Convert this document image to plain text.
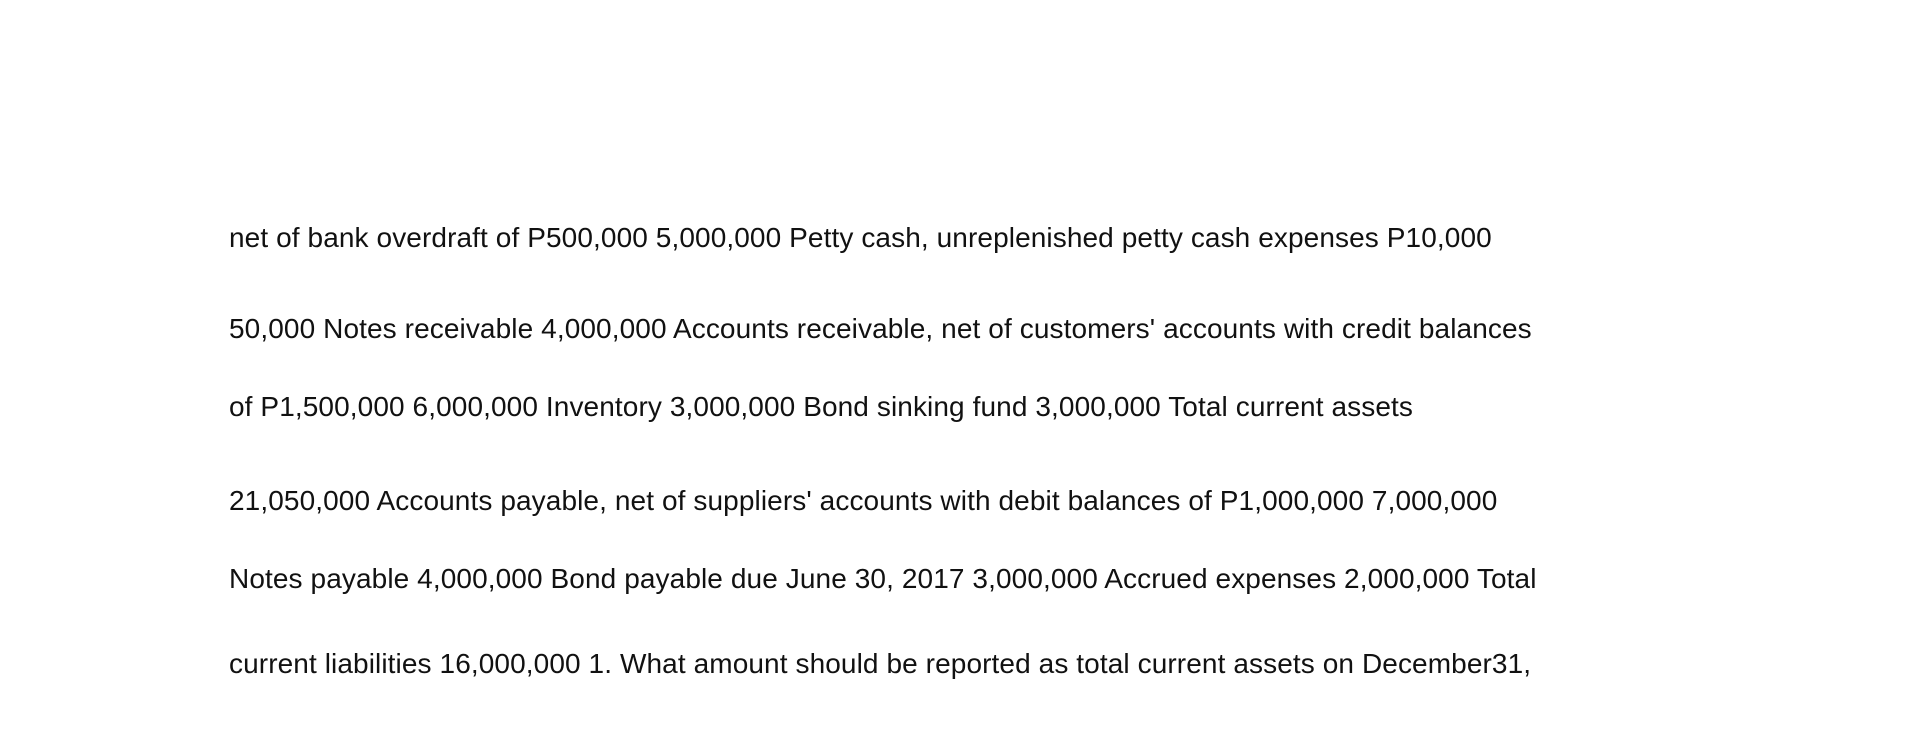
net of bank overdraft of P500,000 5,000,000 Petty cash, unreplenished petty cash expenses P10,000

50,000 Notes receivable 4,000,000 Accounts receivable, net of customers' accounts with credit balances

of P1,500,000 6,000,000 Inventory 3,000,000 Bond sinking fund 3,000,000 Total current assets

21,050,000 Accounts payable, net of suppliers' accounts with debit balances of P1,000,000 7,000,000

Notes payable 4,000,000 Bond payable due June 30, 2017 3,000,000 Accrued expenses 2,000,000 Total

current liabilities 16,000,000 1. What amount should be reported as total current assets on December31,
